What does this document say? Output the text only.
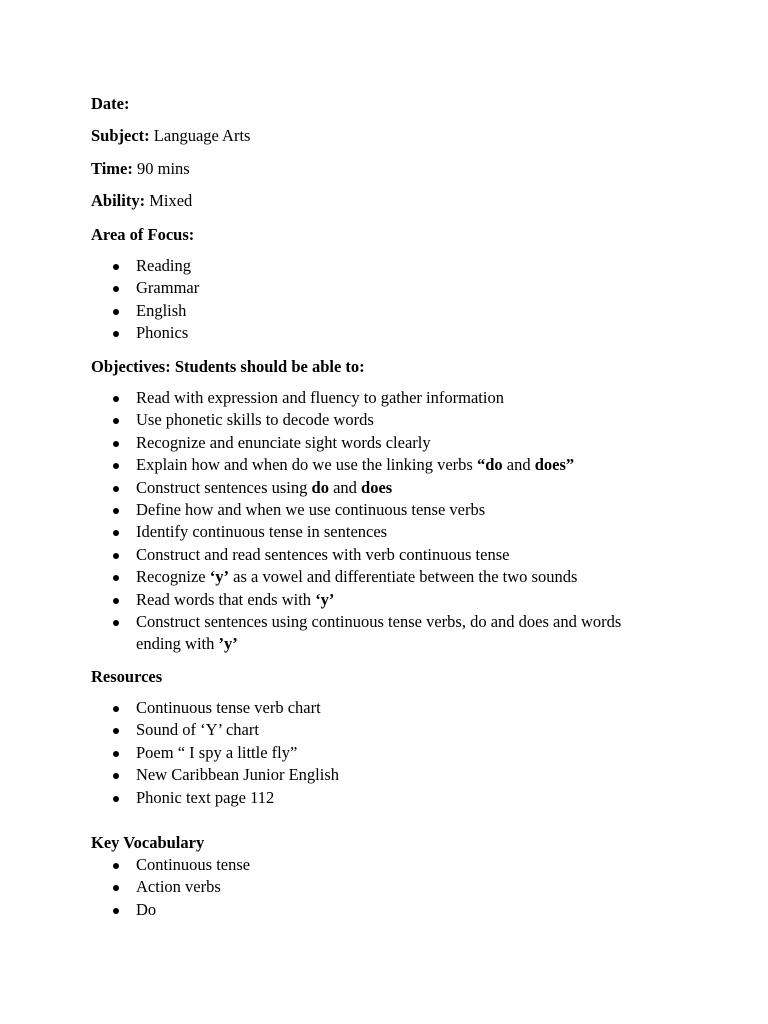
Date:
Subject: Language Arts
Time: 90 mins
Ability: Mixed
Area of Focus:
Reading
Grammar
English
Phonics
Objectives: Students should be able to:
Read with expression and fluency to gather information
Use phonetic skills to decode words
Recognize and enunciate sight words clearly
Explain how and when do we use the linking verbs “do and does”
Construct sentences using do and does
Define how and when we use continuous tense verbs
Identify continuous tense in sentences
Construct and read sentences with verb continuous tense
Recognize ‘y’ as a vowel and differentiate between the two sounds
Read words that ends with ‘y’
Construct sentences using continuous tense verbs, do and does and words ending with ’y’
Resources
Continuous tense verb chart
Sound of ‘Y’ chart
Poem “ I spy a little fly”
New Caribbean Junior English
Phonic text page 112
Key Vocabulary
Continuous tense
Action verbs
Do
